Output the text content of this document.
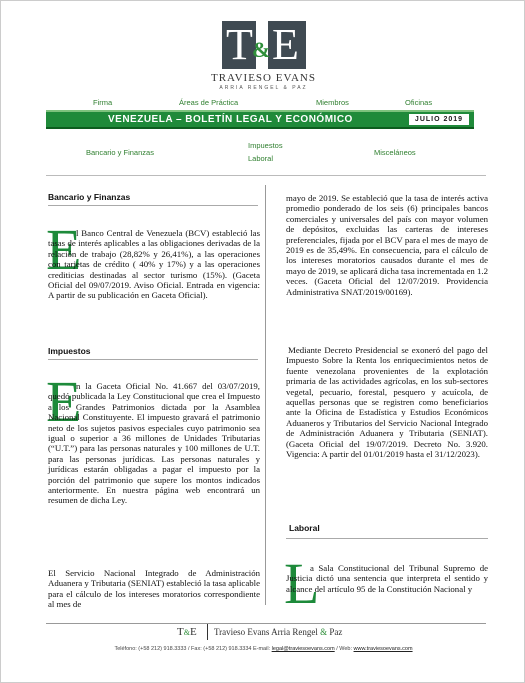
T & E
TRAVIESO EVANS
ARRIA RENGEL & PAZ
Firma	Áreas de Práctica	Miembros	Oficinas
VENEZUELA – BOLETÍN LEGAL Y ECONÓMICO	JULIO 2019
Bancario y Finanzas
Impuestos
Laboral
Misceláneos
Bancario y Finanzas
E
l Banco Central de Venezuela (BCV) estableció las tasas de interés aplicables a las obligaciones derivadas de la relación de trabajo (28,82% y 26,41%), a las operaciones con tarjetas de crédito ( 40% y 17%) y a las operaciones crediticias destinadas al sector turismo (15%). (Gaceta Oficial del 09/07/2019. Aviso Oficial. Entrada en vigencia: A partir de su publicación en Gaceta Oficial).
Impuestos
E
n la Gaceta Oficial No. 41.667 del 03/07/2019, quedó publicada la Ley Constitucional que crea el Impuesto a los Grandes Patrimonios dictada por la Asamblea Nacional Constituyente. El impuesto gravará el patrimonio neto de los sujetos pasivos especiales cuyo patrimonio sea igual o superior a 36 millones de Unidades Tributarias (“U.T.”) para las personas naturales y 100 millones de U.T. para las personas jurídicas. Las personas naturales y jurídicas estarán obligadas a pagar el impuesto por la porción del patrimonio que supere los montos indicados anteriormente. En nuestra página web encontrará un resumen de dicha Ley.
El Servicio Nacional Integrado de Administración Aduanera y Tributaria (SENIAT) estableció la tasa aplicable para el cálculo de los intereses moratorios correspondiente al mes de
mayo de 2019. Se estableció que la tasa de interés activa promedio ponderado de los seis (6) principales bancos comerciales y universales del país con mayor volumen de depósitos, excluidas las carteras de intereses preferenciales, fijada por el BCV para el mes de mayo de 2019 es de 35,49%. En consecuencia, para el cálculo de los intereses moratorios causados durante el mes de mayo de 2019, se aplicará dicha tasa incrementada en 1.2 veces. (Gaceta Oficial del 12/07/2019. Providencia Administrativa SNAT/2019/00169).
Mediante Decreto Presidencial se exoneró del pago del Impuesto Sobre la Renta los enriquecimientos netos de fuente venezolana provenientes de la explotación primaria de las actividades agrícolas, en los sub-sectores vegetal, pecuario, forestal, pesquero y acuícola, de aquellas personas que se registren como beneficiarios ante la Oficina de Estadística y Estudios Económicos Aduaneros y Tributarios del Servicio Nacional Integrado de Administración Aduanera y Tributaria (SENIAT). (Gaceta Oficial del 19/07/2019. Decreto No. 3.920. Vigencia: A partir del 01/01/2019 hasta el 31/12/2023).
Laboral
L
a Sala Constitucional del Tribunal Supremo de Justicia dictó una sentencia que interpreta el sentido y alcance del artículo 95 de la Constitución Nacional y
T&E Travieso Evans Arria Rengel & Paz
Teléfono: (+58 212) 918.3333 / Fax: (+58 212) 918.3334 E-mail: legal@traviesoevans.com / Web: www.traviesoevans.com
